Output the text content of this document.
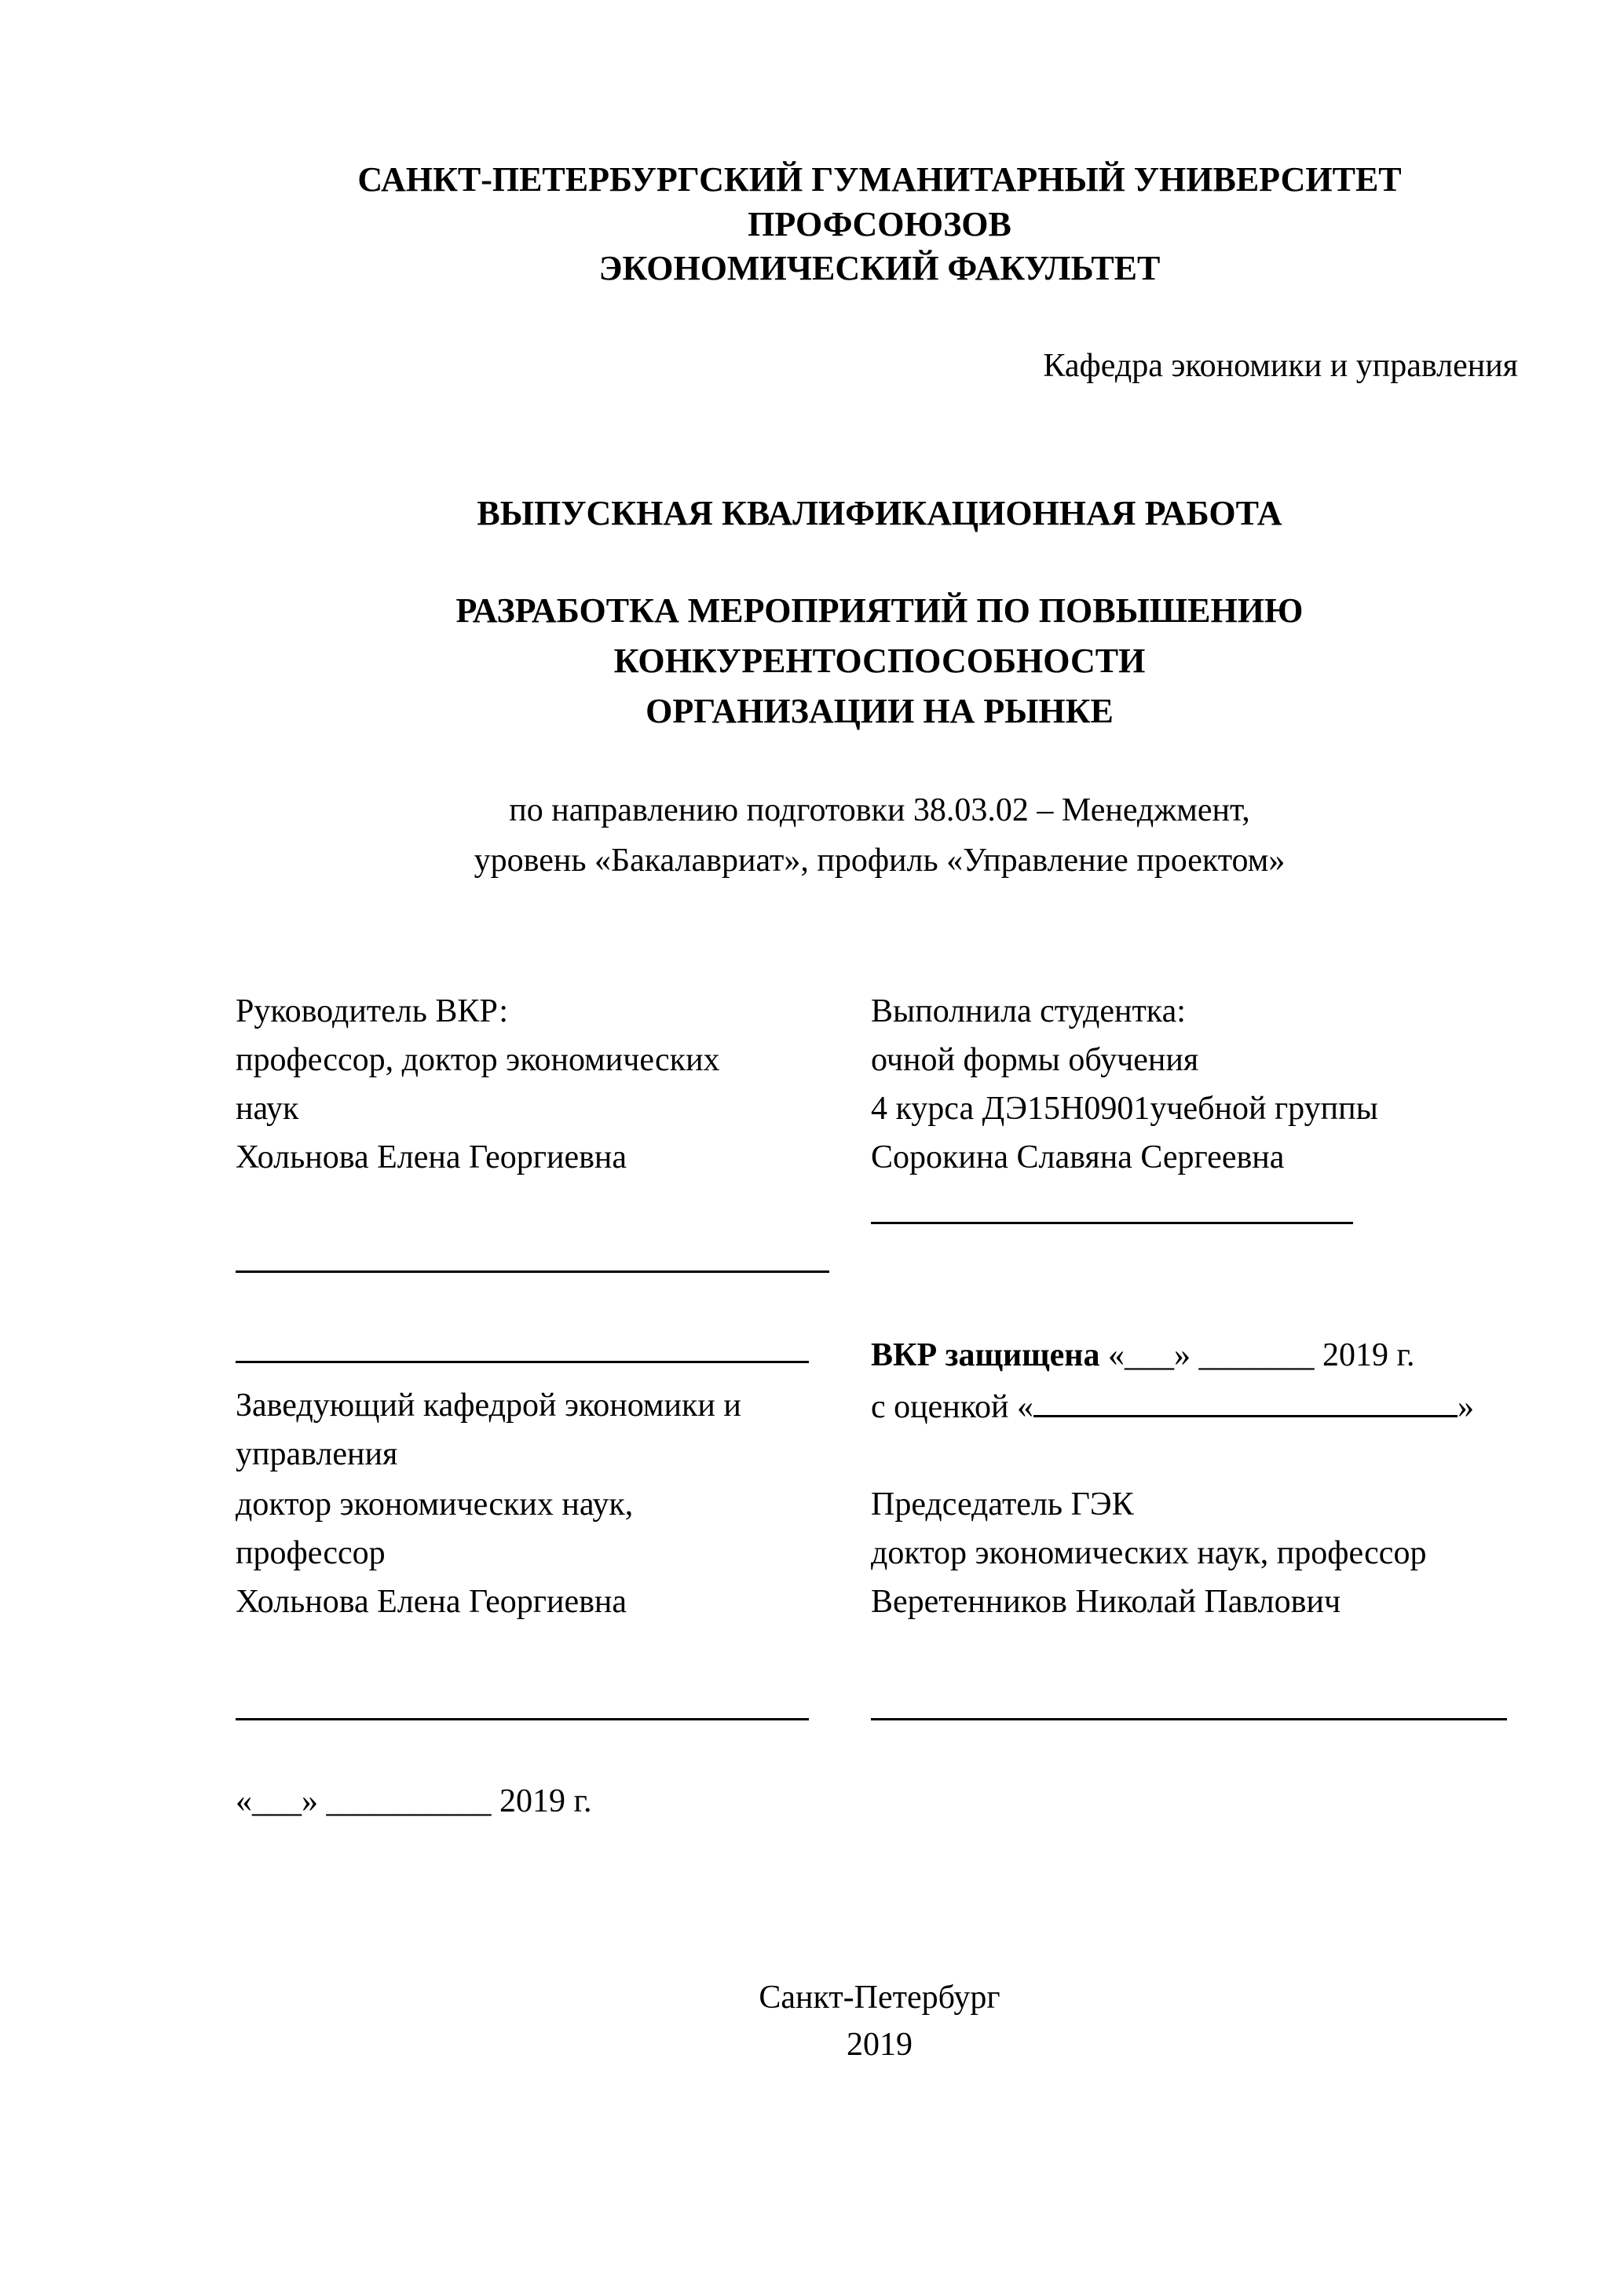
САНКТ-ПЕТЕРБУРГСКИЙ ГУМАНИТАРНЫЙ УНИВЕРСИТЕТ
ПРОФСОЮЗОВ
ЭКОНОМИЧЕСКИЙ ФАКУЛЬТЕТ
Кафедра экономики и управления
ВЫПУСКНАЯ КВАЛИФИКАЦИОННАЯ РАБОТА
РАЗРАБОТКА МЕРОПРИЯТИЙ ПО ПОВЫШЕНИЮ
КОНКУРЕНТОСПОСОБНОСТИ
ОРГАНИЗАЦИИ НА РЫНКЕ
по направлению подготовки 38.03.02 – Менеджмент,
уровень «Бакалавриат», профиль «Управление проектом»
Руководитель ВКР:
профессор, доктор экономических
наук
Хольнова Елена Георгиевна
Выполнила студентка:
очной формы обучения
4 курса ДЭ15Н0901учебной группы
Сорокина Славяна Сергеевна
ВКР защищена «___» _______ 2019 г.
с оценкой «	»
Заведующий кафедрой экономики и
управления
доктор экономических наук,
профессор
Хольнова Елена Георгиевна
Председатель ГЭК
доктор экономических наук, профессор
Веретенников Николай Павлович
«___» __________ 2019 г.
Санкт-Петербург
2019
